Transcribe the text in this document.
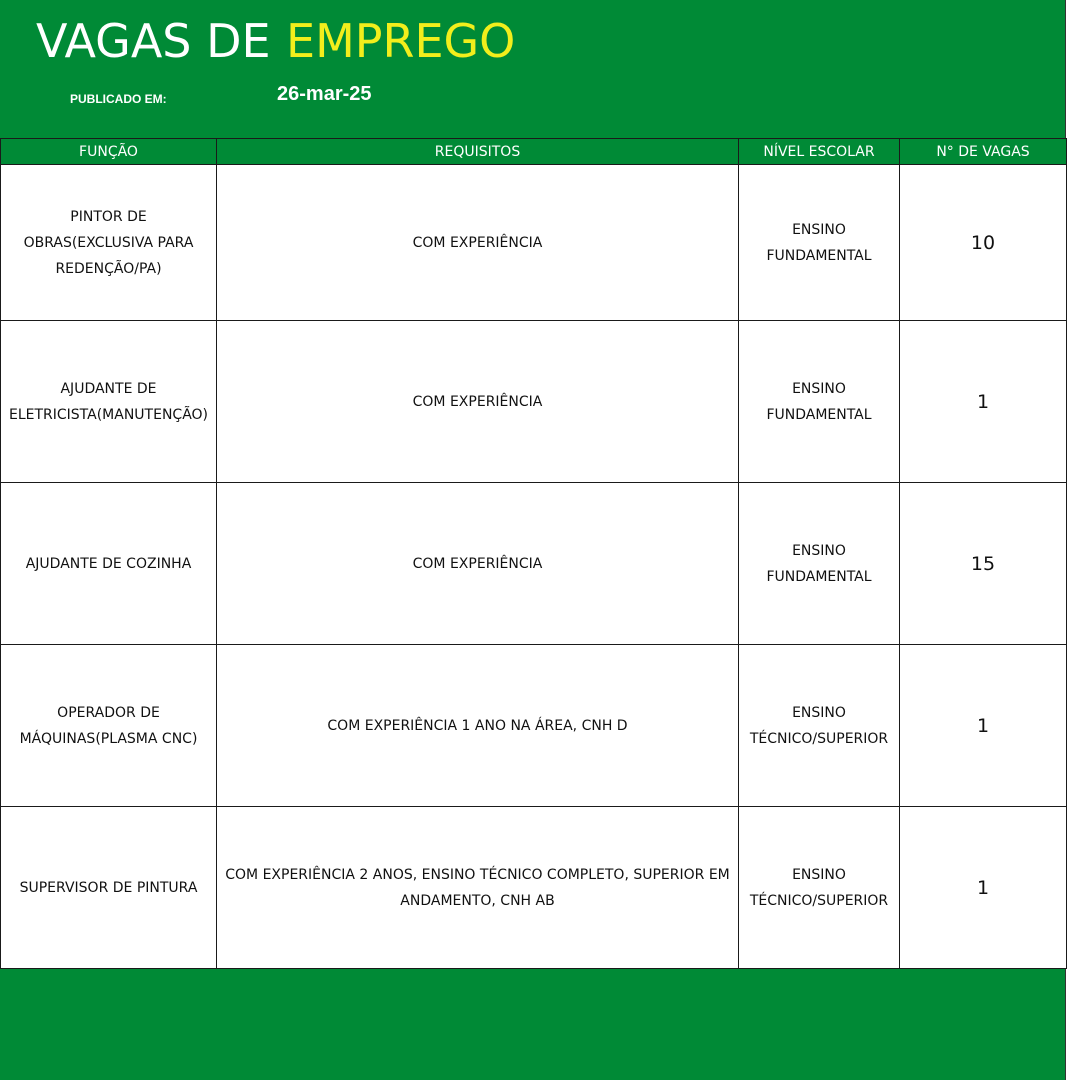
VAGAS DE EMPREGO
PUBLICADO EM:	26-mar-25
FUNÇÃO	REQUISITOS	NÍVEL ESCOLAR	N° DE VAGAS
PINTOR DE
OBRAS(EXCLUSIVA PARA
REDENÇÃO/PA)	COM EXPERIÊNCIA	ENSINO
FUNDAMENTAL	10
AJUDANTE DE
ELETRICISTA(MANUTENÇÃO)	COM EXPERIÊNCIA	ENSINO
FUNDAMENTAL	1
AJUDANTE DE COZINHA	COM EXPERIÊNCIA	ENSINO
FUNDAMENTAL	15
OPERADOR DE
MÁQUINAS(PLASMA CNC)	COM EXPERIÊNCIA 1 ANO NA ÁREA, CNH D	ENSINO
TÉCNICO/SUPERIOR	1
SUPERVISOR DE PINTURA	COM EXPERIÊNCIA 2 ANOS, ENSINO TÉCNICO COMPLETO, SUPERIOR EM
ANDAMENTO, CNH AB	ENSINO
TÉCNICO/SUPERIOR	1
